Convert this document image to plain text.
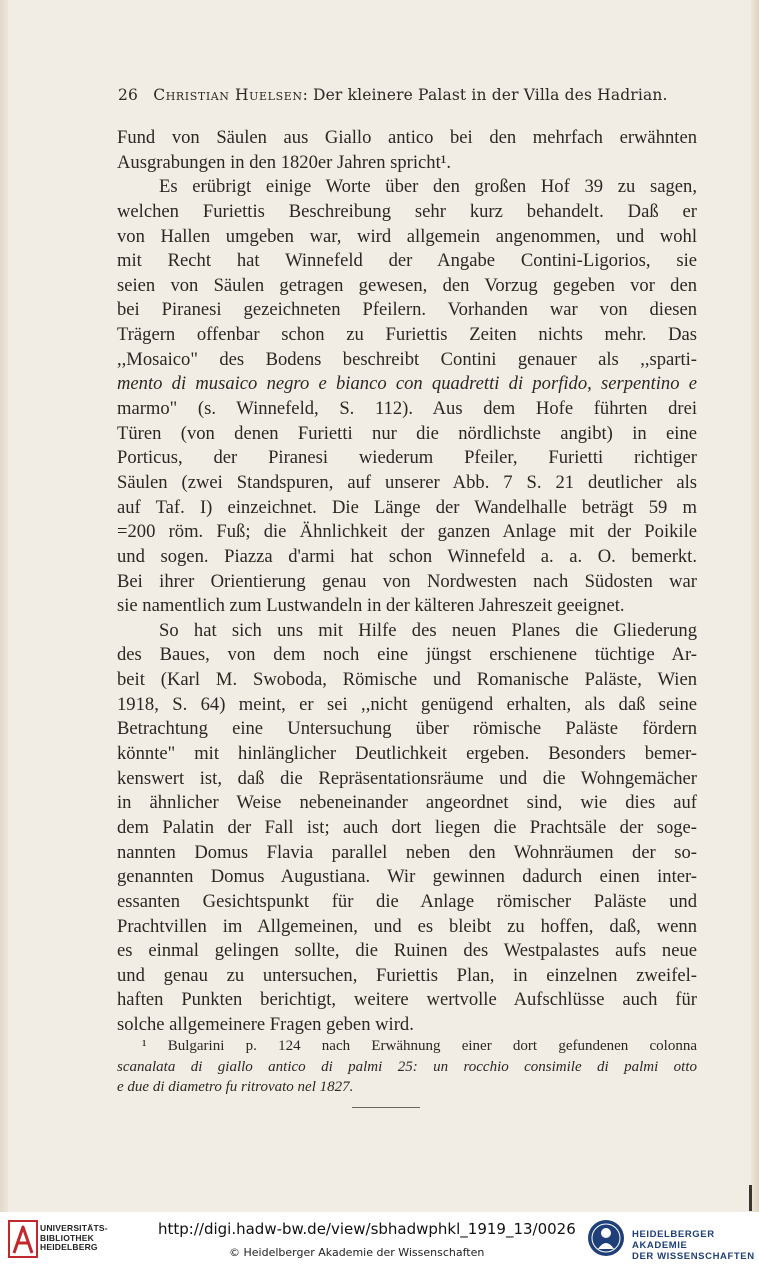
26 Christian Huelsen: Der kleinere Palast in der Villa des Hadrian.
Fund von Säulen aus Giallo antico bei den mehrfach erwähnten
Ausgrabungen in den 1820er Jahren spricht¹.
Es erübrigt einige Worte über den großen Hof 39 zu sagen,
welchen Furiettis Beschreibung sehr kurz behandelt. Daß er
von Hallen umgeben war, wird allgemein angenommen, und wohl
mit Recht hat Winnefeld der Angabe Contini-Ligorios, sie
seien von Säulen getragen gewesen, den Vorzug gegeben vor den
bei Piranesi gezeichneten Pfeilern. Vorhanden war von diesen
Trägern offenbar schon zu Furiettis Zeiten nichts mehr. Das
,,Mosaico" des Bodens beschreibt Contini genauer als ,,sparti-
mento di musaico negro e bianco con quadretti di porfido, serpentino e
marmo" (s. Winnefeld, S. 112). Aus dem Hofe führten drei
Türen (von denen Furietti nur die nördlichste angibt) in eine
Porticus, der Piranesi wiederum Pfeiler, Furietti richtiger
Säulen (zwei Standspuren, auf unserer Abb. 7 S. 21 deutlicher als
auf Taf. I) einzeichnet. Die Länge der Wandelhalle beträgt 59 m
=200 röm. Fuß; die Ähnlichkeit der ganzen Anlage mit der Poikile
und sogen. Piazza d'armi hat schon Winnefeld a. a. O. bemerkt.
Bei ihrer Orientierung genau von Nordwesten nach Südosten war
sie namentlich zum Lustwandeln in der kälteren Jahreszeit geeignet.
So hat sich uns mit Hilfe des neuen Planes die Gliederung
des Baues, von dem noch eine jüngst erschienene tüchtige Ar-
beit (Karl M. Swoboda, Römische und Romanische Paläste, Wien
1918, S. 64) meint, er sei ,,nicht genügend erhalten, als daß seine
Betrachtung eine Untersuchung über römische Paläste fördern
könnte" mit hinlänglicher Deutlichkeit ergeben. Besonders bemer-
kenswert ist, daß die Repräsentationsräume und die Wohngemächer
in ähnlicher Weise nebeneinander angeordnet sind, wie dies auf
dem Palatin der Fall ist; auch dort liegen die Prachtsäle der soge-
nannten Domus Flavia parallel neben den Wohnräumen der so-
genannten Domus Augustiana. Wir gewinnen dadurch einen inter-
essanten Gesichtspunkt für die Anlage römischer Paläste und
Prachtvillen im Allgemeinen, und es bleibt zu hoffen, daß, wenn
es einmal gelingen sollte, die Ruinen des Westpalastes aufs neue
und genau zu untersuchen, Furiettis Plan, in einzelnen zweifel-
haften Punkten berichtigt, weitere wertvolle Aufschlüsse auch für
solche allgemeinere Fragen geben wird.
¹ Bulgarini p. 124 nach Erwähnung einer dort gefundenen colonna
scanalata di giallo antico di palmi 25: un rocchio consimile di palmi otto
e due di diametro fu ritrovato nel 1827.
UNIVERSITÄTS-
BIBLIOTHEK
HEIDELBERG
http://digi.hadw-bw.de/view/sbhadwphkl_1919_13/0026
© Heidelberger Akademie der Wissenschaften
HEIDELBERGER AKADEMIE
DER WISSENSCHAFTEN
